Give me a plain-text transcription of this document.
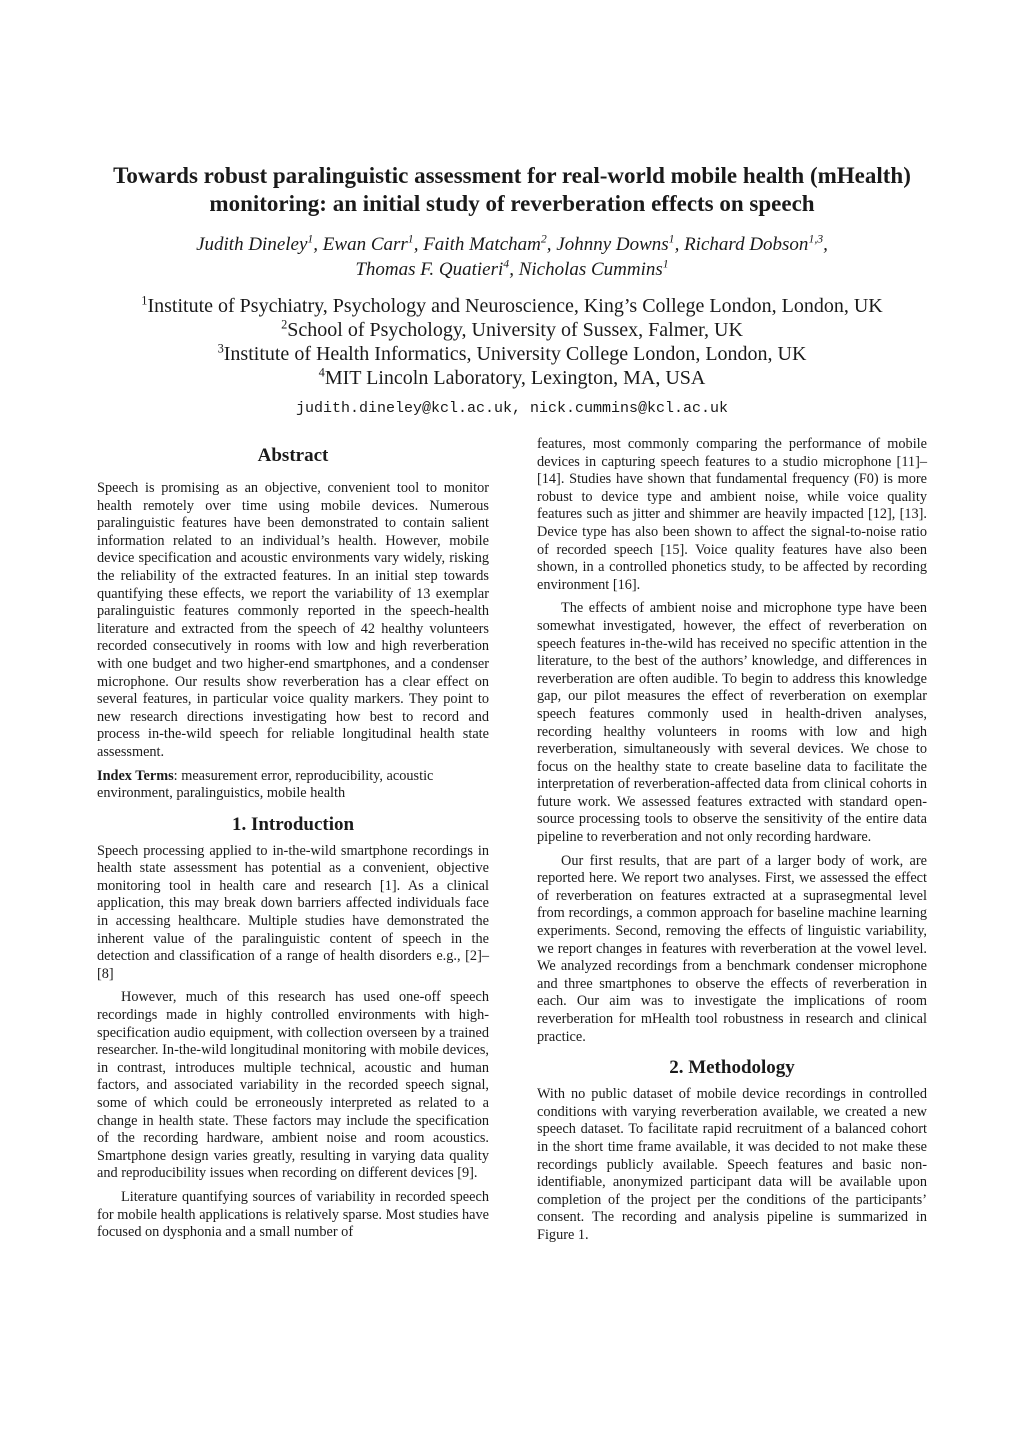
Towards robust paralinguistic assessment for real-world mobile health (mHealth) monitoring: an initial study of reverberation effects on speech
Judith Dineley$^1$, Ewan Carr$^1$, Faith Matcham$^2$, Johnny Downs$^1$, Richard Dobson$^{1,3}$,
Thomas F. Quatieri$^4$, Nicholas Cummins$^1$
$^1$Institute of Psychiatry, Psychology and Neuroscience, King’s College London, London, UK
$^2$School of Psychology, University of Sussex, Falmer, UK
$^3$Institute of Health Informatics, University College London, London, UK
$^4$MIT Lincoln Laboratory, Lexington, MA, USA
judith.dineley@kcl.ac.uk, nick.cummins@kcl.ac.uk
Abstract

Speech is promising as an objective, convenient tool to monitor health remotely over time using mobile devices. Numerous paralinguistic features have been demonstrated to contain salient information related to an individual’s health. However, mobile device specification and acoustic environments vary widely, risking the reliability of the extracted features. In an initial step towards quantifying these effects, we report the variability of 13 exemplar paralinguistic features commonly reported in the speech-health literature and extracted from the speech of 42 healthy volunteers recorded consecutively in rooms with low and high reverberation with one budget and two higher-end smartphones, and a condenser microphone. Our results show reverberation has a clear effect on several features, in particular voice quality markers. They point to new research directions investigating how best to record and process in-the-wild speech for reliable longitudinal health state assessment.

Index Terms: measurement error, reproducibility, acoustic environment, paralinguistics, mobile health

1. Introduction

Speech processing applied to in-the-wild smartphone recordings in health state assessment has potential as a convenient, objective monitoring tool in health care and research [1]. As a clinical application, this may break down barriers affected individuals face in accessing healthcare. Multiple studies have demonstrated the inherent value of the paralinguistic content of speech in the detection and classification of a range of health disorders e.g., [2]–[8]

However, much of this research has used one-off speech recordings made in highly controlled environments with high-specification audio equipment, with collection overseen by a trained researcher. In-the-wild longitudinal monitoring with mobile devices, in contrast, introduces multiple technical, acoustic and human factors, and associated variability in the recorded speech signal, some of which could be erroneously interpreted as related to a change in health state. These factors may include the specification of the recording hardware, ambient noise and room acoustics. Smartphone design varies greatly, resulting in varying data quality and reproducibility issues when recording on different devices [9].

Literature quantifying sources of variability in recorded speech for mobile health applications is relatively sparse. Most studies have focused on dysphonia and a small number of

features, most commonly comparing the performance of mobile devices in capturing speech features to a studio microphone [11]–[14]. Studies have shown that fundamental frequency (F0) is more robust to device type and ambient noise, while voice quality features such as jitter and shimmer are heavily impacted [12], [13]. Device type has also been shown to affect the signal-to-noise ratio of recorded speech [15]. Voice quality features have also been shown, in a controlled phonetics study, to be affected by recording environment [16].

The effects of ambient noise and microphone type have been somewhat investigated, however, the effect of reverberation on speech features in-the-wild has received no specific attention in the literature, to the best of the authors’ knowledge, and differences in reverberation are often audible. To begin to address this knowledge gap, our pilot measures the effect of reverberation on exemplar speech features commonly used in health-driven analyses, recording healthy volunteers in rooms with low and high reverberation, simultaneously with several devices. We chose to focus on the healthy state to create baseline data to facilitate the interpretation of reverberation-affected data from clinical cohorts in future work. We assessed features extracted with standard open-source processing tools to observe the sensitivity of the entire data pipeline to reverberation and not only recording hardware.

Our first results, that are part of a larger body of work, are reported here. We report two analyses. First, we assessed the effect of reverberation on features extracted at a suprasegmental level from recordings, a common approach for baseline machine learning experiments. Second, removing the effects of linguistic variability, we report changes in features with reverberation at the vowel level. We analyzed recordings from a benchmark condenser microphone and three smartphones to observe the effects of reverberation in each. Our aim was to investigate the implications of room reverberation for mHealth tool robustness in research and clinical practice.

2. Methodology

With no public dataset of mobile device recordings in controlled conditions with varying reverberation available, we created a new speech dataset. To facilitate rapid recruitment of a balanced cohort in the short time frame available, it was decided to not make these recordings publicly available. Speech features and basic non-identifiable, anonymized participant data will be available upon completion of the project per the conditions of the participants’ consent. The recording and analysis pipeline is summarized in Figure 1.
